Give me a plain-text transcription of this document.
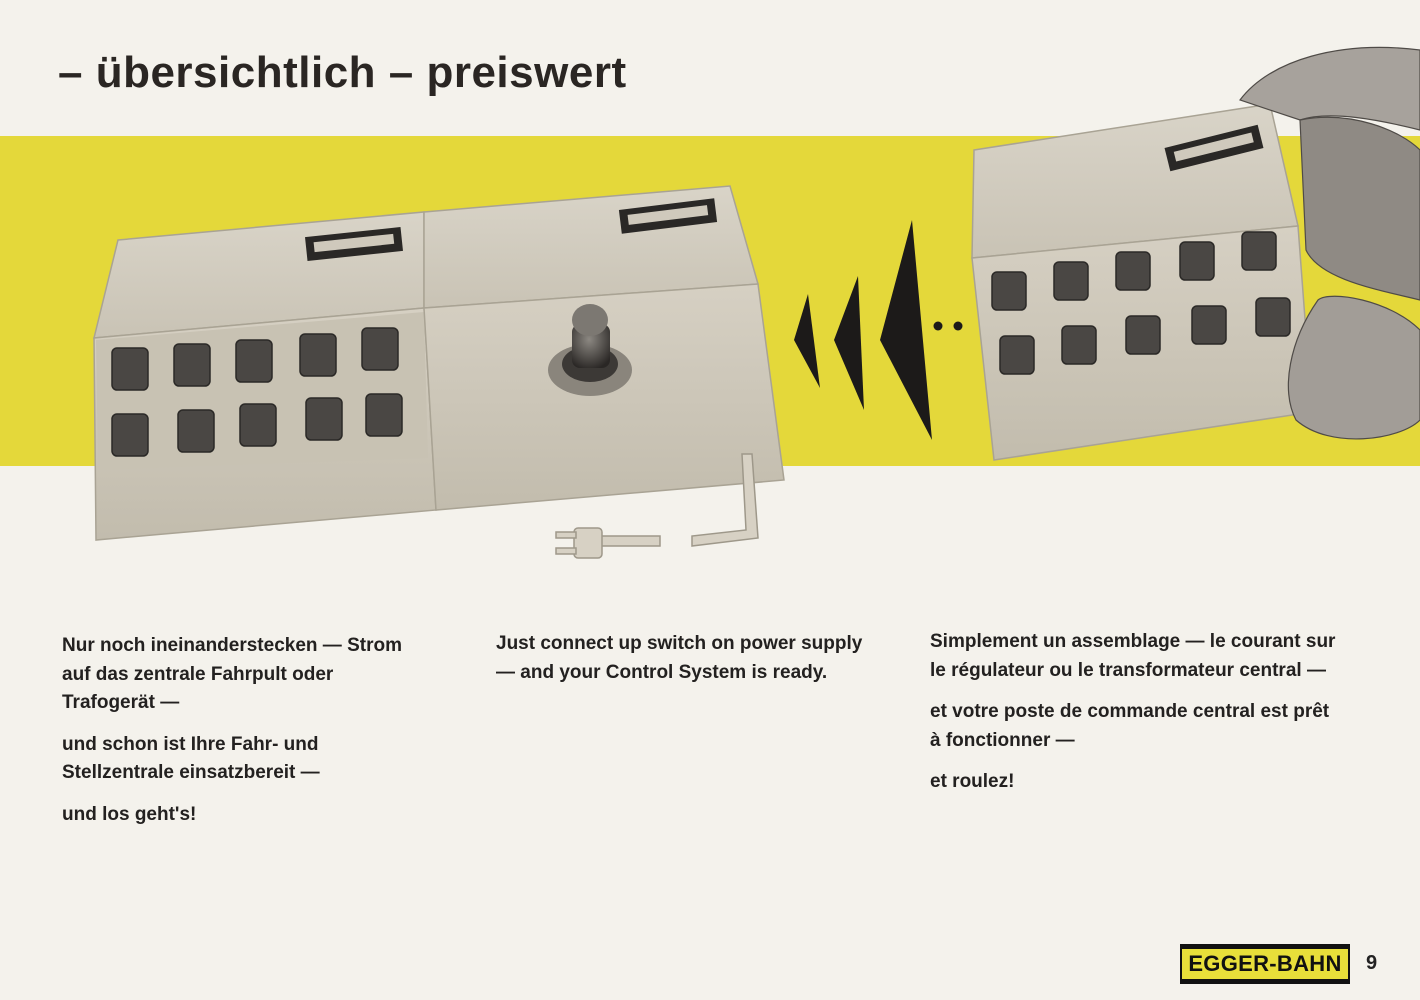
– übersichtlich – preiswert

Nur noch ineinanderstecken — Strom auf das zentrale Fahrpult oder Trafogerät —

und schon ist Ihre Fahr- und Stellzentrale einsatzbereit —

und los geht's!

Just connect up switch on power supply — and your Control System is ready.

Simplement un assemblage — le courant sur le régulateur ou le transformateur central —

et votre poste de commande central est prêt à fonctionner —

et roulez!

EGGER-BAHN	9
